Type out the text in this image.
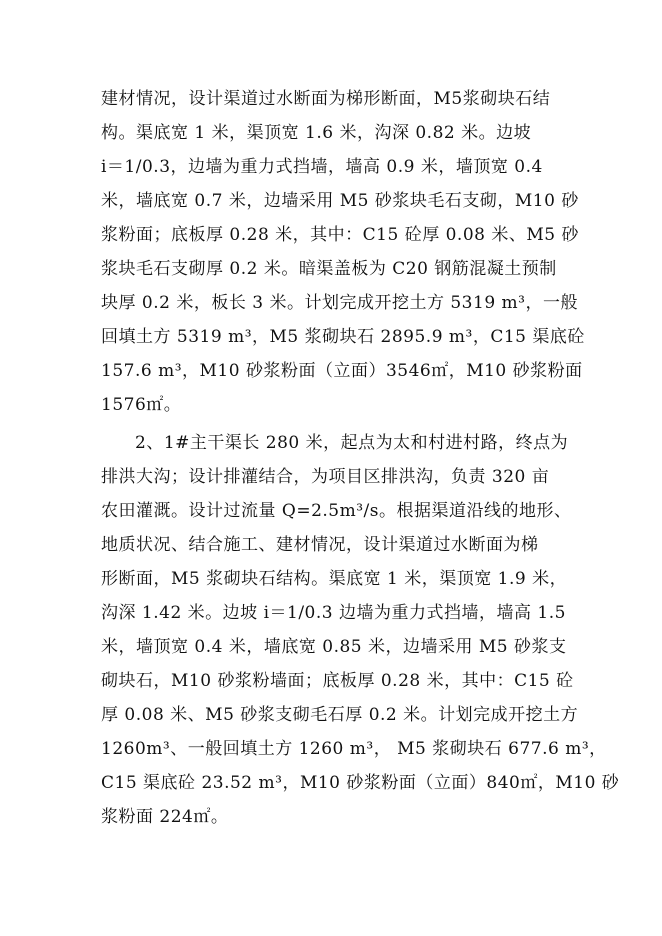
建材情况，设计渠道过水断面为梯形断面，M5浆砌块石结
构。渠底宽 1 米，渠顶宽 1.6 米，沟深 0.82 米。边坡
i＝1/0.3，边墙为重力式挡墙，墙高 0.9 米，墙顶宽 0.4
米，墙底宽 0.7 米，边墙采用 M5 砂浆块毛石支砌，M10 砂
浆粉面；底板厚 0.28 米，其中：C15 砼厚 0.08 米、M5 砂
浆块毛石支砌厚 0.2 米。暗渠盖板为 C20 钢筋混凝土预制
块厚 0.2 米，板长 3 米。计划完成开挖土方 5319 m³，一般
回填土方 5319 m³，M5 浆砌块石 2895.9 m³，C15 渠底砼
157.6 m³，M10 砂浆粉面（立面）3546㎡，M10 砂浆粉面
1576㎡。
2、1#主干渠长 280 米，起点为太和村进村路，终点为
排洪大沟；设计排灌结合，为项目区排洪沟，负责 320 亩
农田灌溉。设计过流量 Q=2.5m³/s。根据渠道沿线的地形、
地质状况、结合施工、建材情况，设计渠道过水断面为梯
形断面，M5 浆砌块石结构。渠底宽 1 米，渠顶宽 1.9 米，
沟深 1.42 米。边坡 i＝1/0.3 边墙为重力式挡墙，墙高 1.5
米，墙顶宽 0.4 米，墙底宽 0.85 米，边墙采用 M5 砂浆支
砌块石，M10 砂浆粉墙面；底板厚 0.28 米，其中：C15 砼
厚 0.08 米、M5 砂浆支砌毛石厚 0.2 米。计划完成开挖土方
1260m³、一般回填土方 1260 m³， M5 浆砌块石 677.6 m³，
C15 渠底砼 23.52 m³，M10 砂浆粉面（立面）840㎡，M10 砂
浆粉面 224㎡。
